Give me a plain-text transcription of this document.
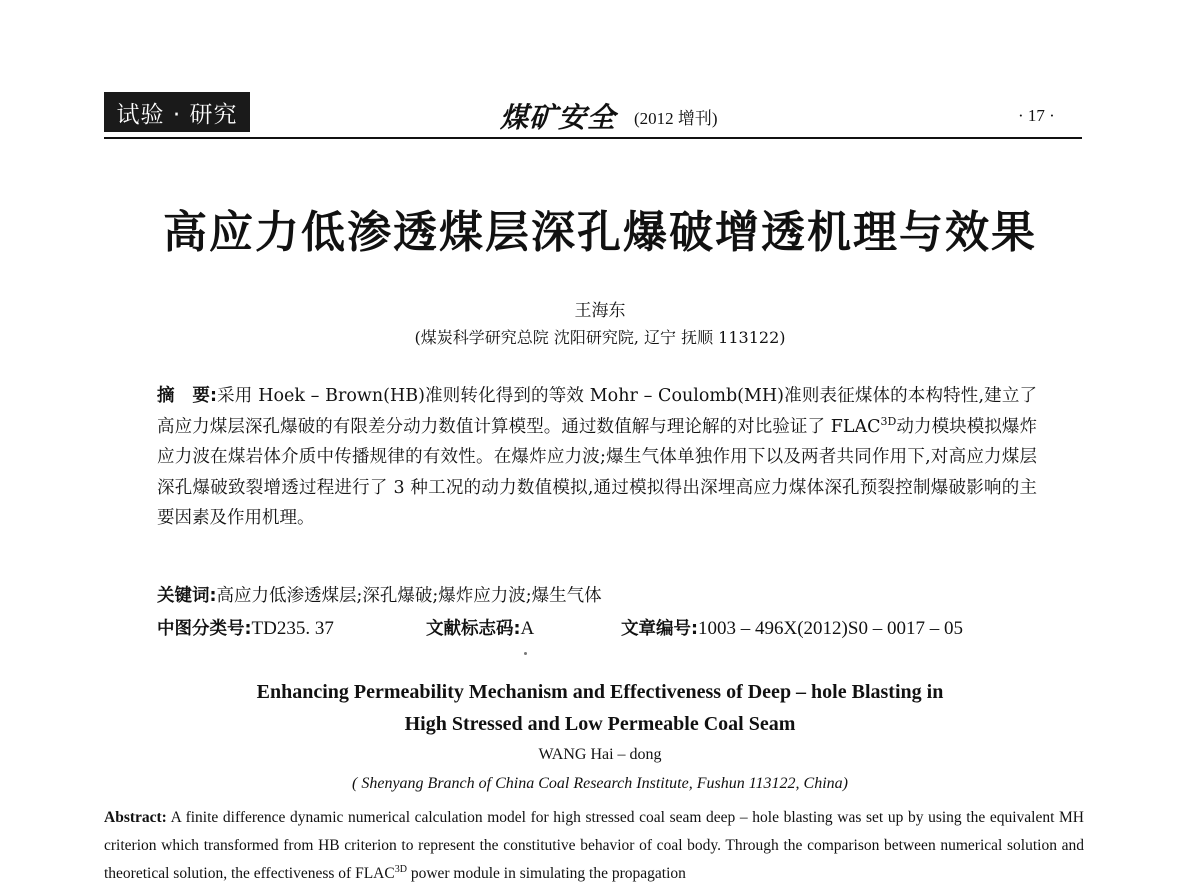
试验 · 研究	煤矿安全 (2012 增刊)	· 17 ·
高应力低渗透煤层深孔爆破增透机理与效果
王海东
(煤炭科学研究总院 沈阳研究院, 辽宁 抚顺 113122)
摘　要:采用 Hoek – Brown(HB)准则转化得到的等效 Mohr – Coulomb(MH)准则表征煤体的本构特性,建立了高应力煤层深孔爆破的有限差分动力数值计算模型。通过数值解与理论解的对比验证了 $FLAC^{3D}$动力模块模拟爆炸应力波在煤岩体介质中传播规律的有效性。在爆炸应力波;爆生气体单独作用下以及两者共同作用下,对高应力煤层深孔爆破致裂增透过程进行了 3 种工况的动力数值模拟,通过模拟得出深埋高应力煤体深孔预裂控制爆破影响的主要因素及作用机理。
关键词:高应力低渗透煤层;深孔爆破;爆炸应力波;爆生气体
中图分类号:TD235. 37	文献标志码:A	文章编号:1003 – 496X(2012)S0 – 0017 – 05
Enhancing Permeability Mechanism and Effectiveness of Deep – hole Blasting in
High Stressed and Low Permeable Coal Seam
WANG Hai – dong
( Shenyang Branch of China Coal Research Institute, Fushun 113122, China)
Abstract: A finite difference dynamic numerical calculation model for high stressed coal seam deep – hole blasting was set up by using the equivalent MH criterion which transformed from HB criterion to represent the constitutive behavior of coal body. Through the comparison between numerical solution and theoretical solution, the effectiveness of $FLAC^{3D}$ power module in simulating the propagation
